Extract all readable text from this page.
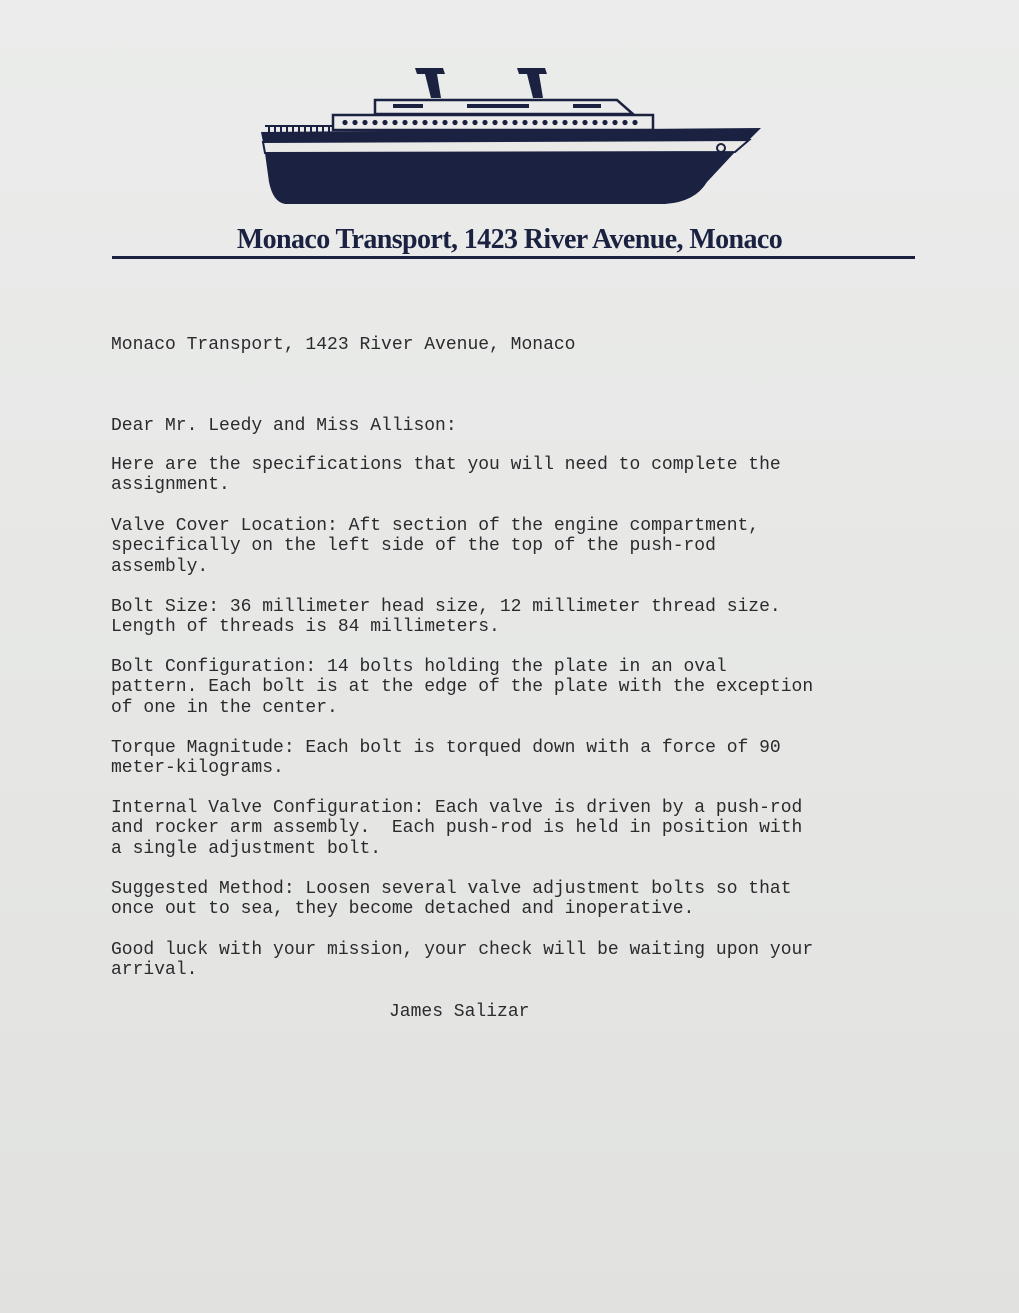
Monaco Transport, 1423 River Avenue, Monaco
Monaco Transport, 1423 River Avenue, Monaco
Dear Mr. Leedy and Miss Allison:
Here are the specifications that you will need to complete the
assignment.
Valve Cover Location: Aft section of the engine compartment,
specifically on the left side of the top of the push-rod
assembly.
Bolt Size: 36 millimeter head size, 12 millimeter thread size.
Length of threads is 84 millimeters.
Bolt Configuration: 14 bolts holding the plate in an oval
pattern. Each bolt is at the edge of the plate with the exception
of one in the center.
Torque Magnitude: Each bolt is torqued down with a force of 90
meter-kilograms.
Internal Valve Configuration: Each valve is driven by a push-rod
and rocker arm assembly.  Each push-rod is held in position with
a single adjustment bolt.
Suggested Method: Loosen several valve adjustment bolts so that
once out to sea, they become detached and inoperative.
Good luck with your mission, your check will be waiting upon your
arrival.
James Salizar
